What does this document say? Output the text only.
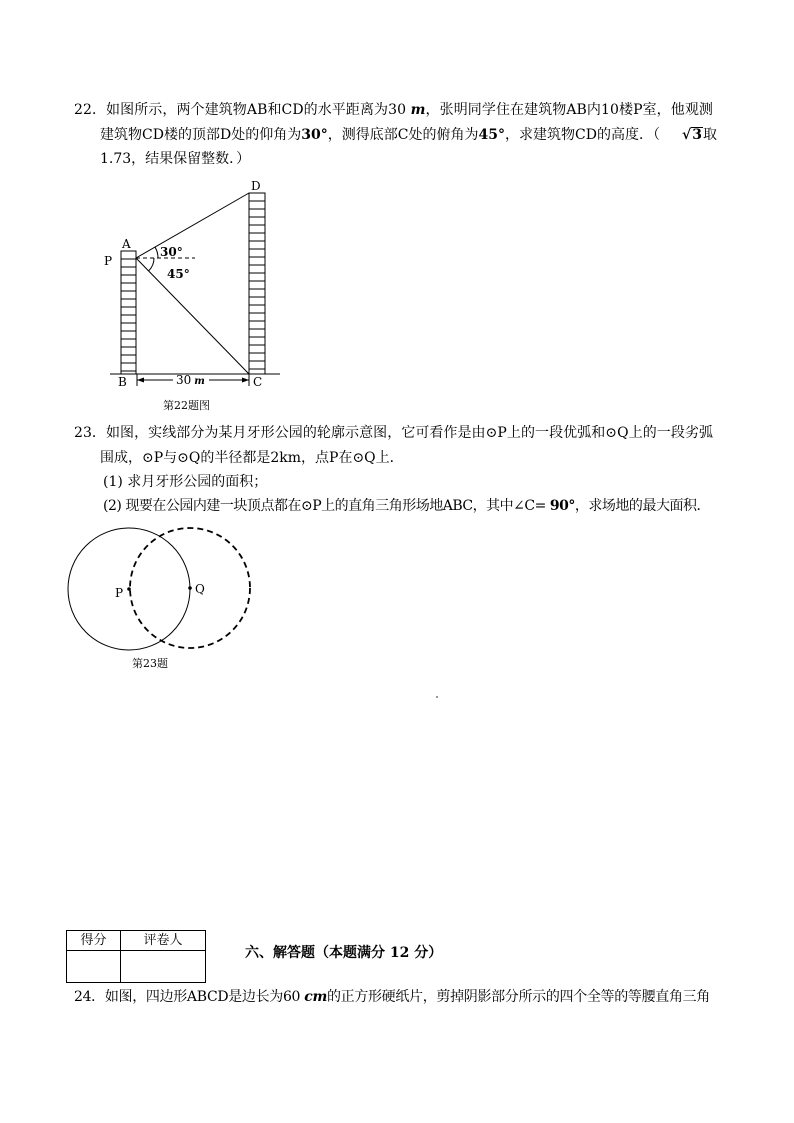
22．如图所示，两个建筑物AB和CD的水平距离为30 m，张明同学住在建筑物AB内10楼P室，他观测
建筑物CD楼的顶部D处的仰角为30°，测得底部C处的俯角为45°，求建筑物CD的高度．（ √3取
1.73，结果保留整数．）
A
P
30°
45°
D
B	C
30 m
第22题图
23．如图，实线部分为某月牙形公园的轮廓示意图，它可看作是由⊙P上的一段优弧和⊙Q上的一段劣弧
围成，⊙P与⊙Q的半径都是2km，点P在⊙Q上．
(1) 求月牙形公园的面积；
(2) 现要在公园内建一块顶点都在⊙P上的直角三角形场地ABC，其中∠C= 90°，求场地的最大面积．
P	Q
第23题
得分	评卷人

六、解答题（本题满分 12 分）
24．如图，四边形ABCD是边长为60 cm的正方形硬纸片，剪掉阴影部分所示的四个全等的等腰直角三角
